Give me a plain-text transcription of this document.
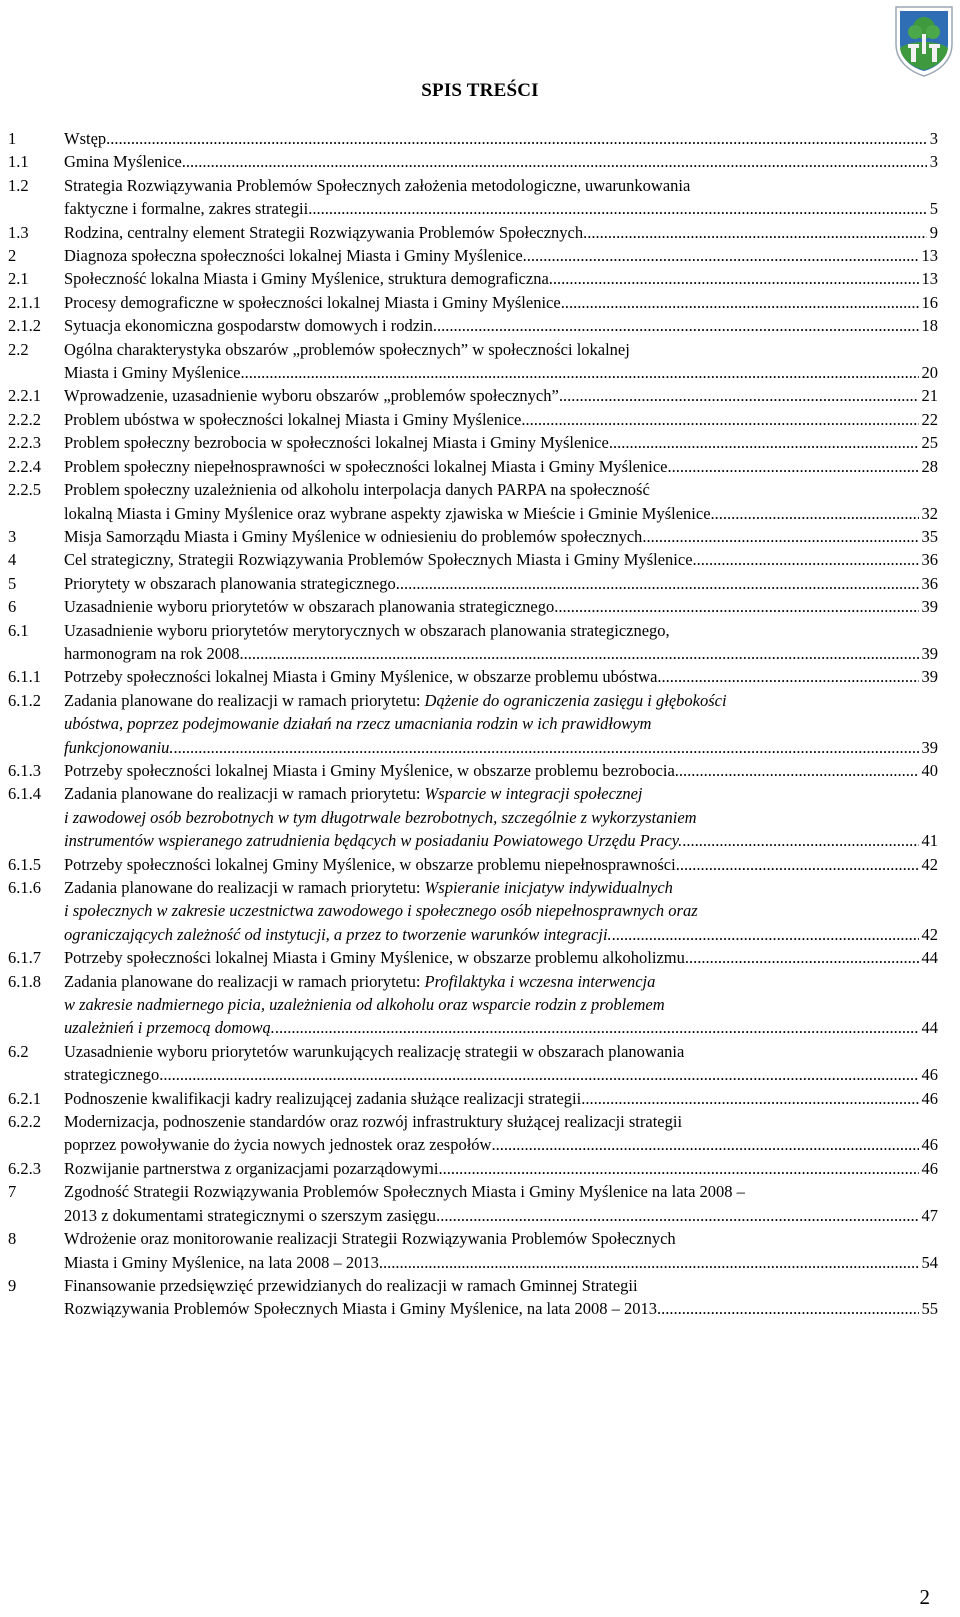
SPIS TREŚCI
1	Wstęp .....	3
1.1 Gmina Myślenice .....	3
1.2 Strategia Rozwiązywania Problemów Społecznych założenia metodologiczne, uwarunkowania
faktyczne i formalne, zakres strategii .....	5
1.3 Rodzina, centralny element Strategii Rozwiązywania Problemów Społecznych .....	9
2	Diagnoza społeczna społeczności lokalnej Miasta i Gminy Myślenice .....	13
2.1 Społeczność lokalna Miasta i Gminy Myślenice, struktura demograficzna .....	13
2.1.1 Procesy demograficzne w społeczności lokalnej Miasta i Gminy Myślenice .....	16
2.1.2 Sytuacja ekonomiczna gospodarstw domowych i rodzin .....	18
2.2 Ogólna charakterystyka obszarów „problemów społecznych” w społeczności lokalnej
Miasta i Gminy Myślenice .....	20
2.2.1 Wprowadzenie, uzasadnienie wyboru obszarów „problemów społecznych” .....	21
2.2.2 Problem ubóstwa w społeczności lokalnej Miasta i Gminy Myślenice .....	22
2.2.3 Problem społeczny bezrobocia w społeczności lokalnej Miasta i Gminy Myślenice .....	25
2.2.4 Problem społeczny niepełnosprawności w społeczności lokalnej Miasta i Gminy Myślenice .....	28
2.2.5 Problem społeczny uzależnienia od alkoholu interpolacja danych PARPA na społeczność
lokalną Miasta i Gminy Myślenice oraz wybrane aspekty zjawiska w Mieście i Gminie Myślenice .....	32
3	Misja Samorządu Miasta i Gminy Myślenice w odniesieniu do problemów społecznych .....	35
4	Cel strategiczny, Strategii Rozwiązywania Problemów Społecznych Miasta i Gminy Myślenice .....	36
5	Priorytety w obszarach planowania strategicznego .....	36
6	Uzasadnienie wyboru priorytetów w obszarach planowania strategicznego .....	39
6.1 Uzasadnienie wyboru priorytetów merytorycznych w obszarach planowania strategicznego,
harmonogram na rok 2008 .....	39
6.1.1 Potrzeby społeczności lokalnej Miasta i Gminy Myślenice, w obszarze problemu ubóstwa .....	39
6.1.2 Zadania planowane do realizacji w ramach priorytetu: Dążenie do ograniczenia zasięgu i głębokości
ubóstwa, poprzez podejmowanie działań na rzecz umacniania rodzin w ich prawidłowym
funkcjonowaniu. .....	39
6.1.3 Potrzeby społeczności lokalnej Miasta i Gminy Myślenice, w obszarze problemu bezrobocia .....	40
6.1.4 Zadania planowane do realizacji w ramach priorytetu: Wsparcie w integracji społecznej
i zawodowej osób bezrobotnych w tym długotrwale bezrobotnych, szczególnie z wykorzystaniem
instrumentów wspieranego zatrudnienia będących w posiadaniu Powiatowego Urzędu Pracy. .....	41
6.1.5 Potrzeby społeczności lokalnej Gminy Myślenice, w obszarze problemu niepełnosprawności .....	42
6.1.6 Zadania planowane do realizacji w ramach priorytetu: Wspieranie inicjatyw indywidualnych
i społecznych w zakresie uczestnictwa zawodowego i społecznego osób niepełnosprawnych oraz
ograniczających zależność od instytucji, a przez to tworzenie warunków integracji. .....	42
6.1.7 Potrzeby społeczności lokalnej Miasta i Gminy Myślenice, w obszarze problemu alkoholizmu .....	44
6.1.8 Zadania planowane do realizacji w ramach priorytetu: Profilaktyka i wczesna interwencja
w zakresie nadmiernego picia, uzależnienia od alkoholu oraz wsparcie rodzin z problemem
uzależnień i przemocą domową. .....	44
6.2 Uzasadnienie wyboru priorytetów warunkujących realizację strategii w obszarach planowania
strategicznego .....	46
6.2.1 Podnoszenie kwalifikacji kadry realizującej zadania służące realizacji strategii .....	46
6.2.2 Modernizacja, podnoszenie standardów oraz rozwój infrastruktury służącej realizacji strategii
poprzez powoływanie do życia nowych jednostek oraz zespołów .....	46
6.2.3 Rozwijanie partnerstwa z organizacjami pozarządowymi .....	46
7	Zgodność Strategii Rozwiązywania Problemów Społecznych Miasta i Gminy Myślenice na lata 2008 –
2013 z dokumentami strategicznymi o szerszym zasięgu .....	47
8	Wdrożenie oraz monitorowanie realizacji Strategii Rozwiązywania Problemów Społecznych
Miasta i Gminy Myślenice, na lata 2008 – 2013 .....	54
9	Finansowanie przedsięwzięć przewidzianych do realizacji w ramach Gminnej Strategii
Rozwiązywania Problemów Społecznych Miasta i Gminy Myślenice, na lata 2008 – 2013. .....	55
2
